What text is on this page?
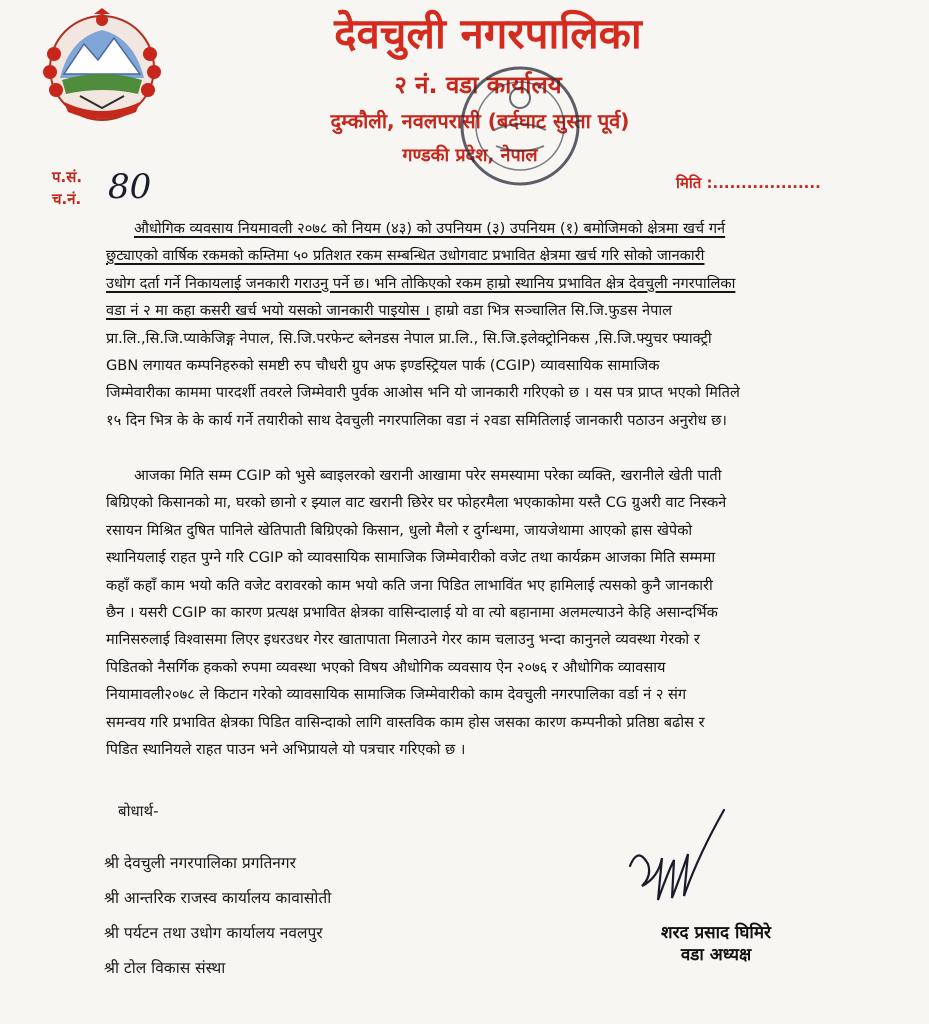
देवचुली नगरपालिका
२ नं. वडा कार्यालय
दुम्कौली, नवलपरासी (बर्दघाट सुस्ता पूर्व)
गण्डकी प्रदेश, नेपाल
प.सं.
च.नं. 80	मिति :...................
औधोगिक व्यवसाय नियमावली २०७८ को नियम (४३) को उपनियम (३) उपनियम (१) बमोजिमको क्षेत्रमा खर्च गर्न
छुट्याएको वार्षिक रकमको कम्तिमा ५० प्रतिशत रकम सम्बन्धित उधोगवाट प्रभावित क्षेत्रमा खर्च गरि सोको जानकारी
उधोग दर्ता गर्ने निकायलाई जनकारी गराउनु पर्ने छ। भनि तोकिएको रकम हाम्रो स्थानिय प्रभावित क्षेत्र देवचुली नगरपालिका
वडा नं २ मा कहा कसरी खर्च भयो यसको जानकारी पाइयोस । हाम्रो वडा भित्र सञ्चालित सि.जि.फुडस नेपाल
प्रा.लि.,सि.जि.प्याकेजिङ्ग नेपाल, सि.जि.परफेन्ट ब्लेनडस नेपाल प्रा.लि., सि.जि.इलेक्ट्रोनिकस ,सि.जि.फ्युचर फ्याक्ट्री
GBN लगायत कम्पनिहरुको समष्टी रुप चौधरी ग्रुप अफ इण्डस्ट्रियल पार्क (CGIP) व्यावसायिक सामाजिक
जिम्मेवारीका काममा पारदर्शी तवरले जिम्मेवारी पुर्वक आओस भनि यो जानकारी गरिएको छ । यस पत्र प्राप्त भएको मितिले
१५ दिन भित्र के के कार्य गर्ने तयारीको साथ देवचुली नगरपालिका वडा नं २वडा समितिलाई जानकारी पठाउन अनुरोध छ।
आजका मिति सम्म CGIP को भुसे ब्वाइलरको खरानी आखामा परेर समस्यामा परेका व्यक्ति, खरानीले खेती पाती
बिग्रिएको किसानको मा, घरको छानो र झ्याल वाट खरानी छिरेर घर फोहरमैला भएकाकोमा यस्तै CG ग्रुअरी वाट निस्कने
रसायन मिश्रित दुषित पानिले खेतिपाती बिग्रिएको किसान, धुलो मैलो र दुर्गन्धमा, जायजेथामा आएको ह्रास खेपेको
स्थानियलाई राहत पुग्ने गरि CGIP को व्यावसायिक सामाजिक जिम्मेवारीको वजेट तथा कार्यक्रम आजका मिति सम्ममा
कहाँ कहाँ काम भयो कति वजेट वरावरको काम भयो कति जना पिडित लाभाविंत भए हामिलाई त्यसको कुनै जानकारी
छैन । यसरी CGIP का कारण प्रत्यक्ष प्रभावित क्षेत्रका वासिन्दालाई यो वा त्यो बहानामा अलमल्याउने केहि असान्दर्भिक
मानिसरुलाई विश्वासमा लिएर इधरउधर गेरर खातापाता मिलाउने गेरर काम चलाउनु भन्दा कानुनले व्यवस्था गेरको र
पिडितको नैसर्गिक हकको रुपमा व्यवस्था भएको विषय औधोगिक व्यवसाय ऐन २०७६ र औधोगिक व्यावसाय
नियामावली२०७८ ले किटान गरेको व्यावसायिक सामाजिक जिम्मेवारीको काम देवचुली नगरपालिका वर्डा नं २ संग
समन्वय गरि प्रभावित क्षेत्रका पिडित वासिन्दाको लागि वास्तविक काम होस जसका कारण कम्पनीको प्रतिष्ठा बढोस र
पिडित स्थानियले राहत पाउन भने अभिप्रायले यो पत्रचार गरिएको छ ।
बोधार्थ-
श्री देवचुली नगरपालिका प्रगतिनगर
श्री आन्तरिक राजस्व कार्यालय कावासोती
श्री पर्यटन तथा उधोग कार्यालय नवलपुर
श्री टोल विकास संस्था
शरद प्रसाद घिमिरे
वडा अध्यक्ष
